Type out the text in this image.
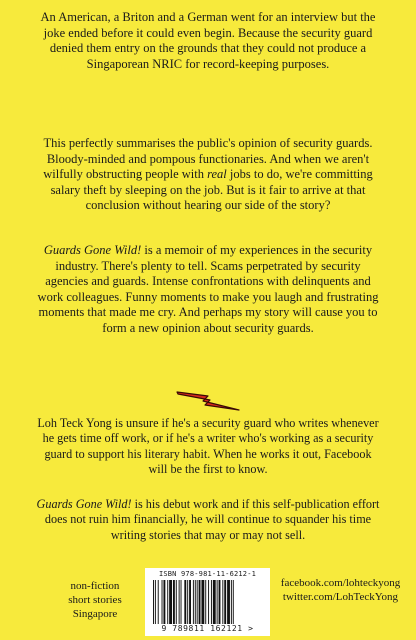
An American, a Briton and a German went for an interview but the joke ended before it could even begin. Because the security guard denied them entry on the grounds that they could not produce a Singaporean NRIC for record-keeping purposes.

This perfectly summarises the public's opinion of security guards. Bloody-minded and pompous functionaries. And when we aren't wilfully obstructing people with real jobs to do, we're committing salary theft by sleeping on the job. But is it fair to arrive at that conclusion without hearing our side of the story?

Guards Gone Wild! is a memoir of my experiences in the security industry. There's plenty to tell. Scams perpetrated by security agencies and guards. Intense confrontations with delinquents and work colleagues. Funny moments to make you laugh and frustrating moments that made me cry. And perhaps my story will cause you to form a new opinion about security guards.

Loh Teck Yong is unsure if he's a security guard who writes whenever he gets time off work, or if he's a writer who's working as a security guard to support his literary habit. When he works it out, Facebook will be the first to know.

Guards Gone Wild! is his debut work and if this self-publication effort does not ruin him financially, he will continue to squander his time writing stories that may or may not sell.

non-fiction
short stories
Singapore
ISBN 978-981-11-6212-1
9 789811 162121 >
facebook.com/lohteckyong
twitter.com/LohTeckYong
